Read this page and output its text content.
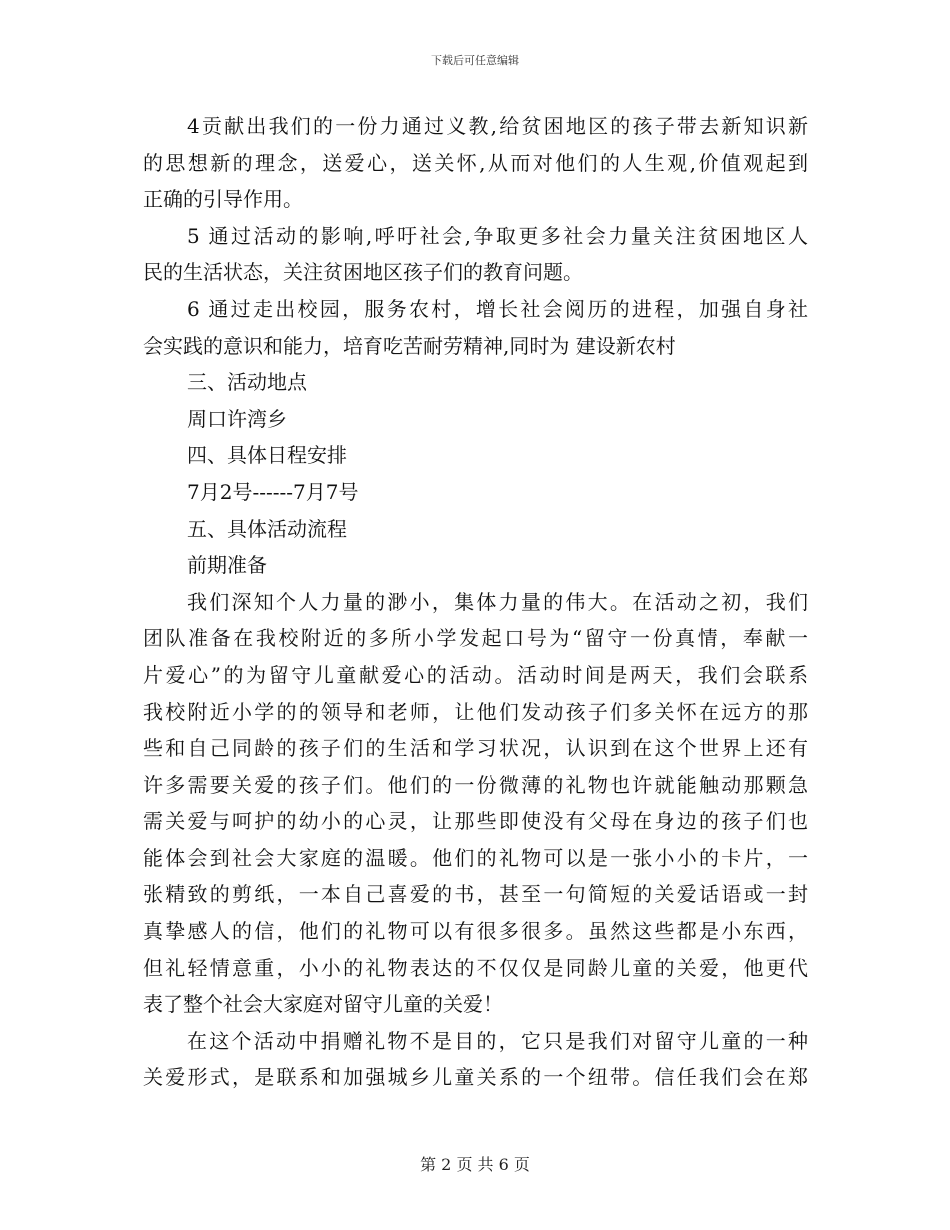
下载后可任意编辑
4贡献出我们的一份力通过义教,给贫困地区的孩子带去新知识新
的思想新的理念，送爱心，送关怀,从而对他们的人生观,价值观起到
正确的引导作用。
5 通过活动的影响,呼吁社会,争取更多社会力量关注贫困地区人
民的生活状态，关注贫困地区孩子们的教育问题。
6 通过走出校园，服务农村，增长社会阅历的进程，加强自身社
会实践的意识和能力，培育吃苦耐劳精神,同时为 建设新农村
三、活动地点
周口许湾乡
四、具体日程安排
7月2号------7月7号
五、具体活动流程
前期准备
我们深知个人力量的渺小，集体力量的伟大。在活动之初，我们
团队准备在我校附近的多所小学发起口号为“留守一份真情，奉献一
片爱心”的为留守儿童献爱心的活动。活动时间是两天，我们会联系
我校附近小学的的领导和老师，让他们发动孩子们多关怀在远方的那
些和自己同龄的孩子们的生活和学习状况，认识到在这个世界上还有
许多需要关爱的孩子们。他们的一份微薄的礼物也许就能触动那颗急
需关爱与呵护的幼小的心灵，让那些即使没有父母在身边的孩子们也
能体会到社会大家庭的温暖。他们的礼物可以是一张小小的卡片，一
张精致的剪纸，一本自己喜爱的书，甚至一句简短的关爱话语或一封
真挚感人的信，他们的礼物可以有很多很多。虽然这些都是小东西，
但礼轻情意重，小小的礼物表达的不仅仅是同龄儿童的关爱，他更代
表了整个社会大家庭对留守儿童的关爱！
在这个活动中捐赠礼物不是目的，它只是我们对留守儿童的一种
关爱形式，是联系和加强城乡儿童关系的一个纽带。信任我们会在郑
第 2 页 共 6 页
